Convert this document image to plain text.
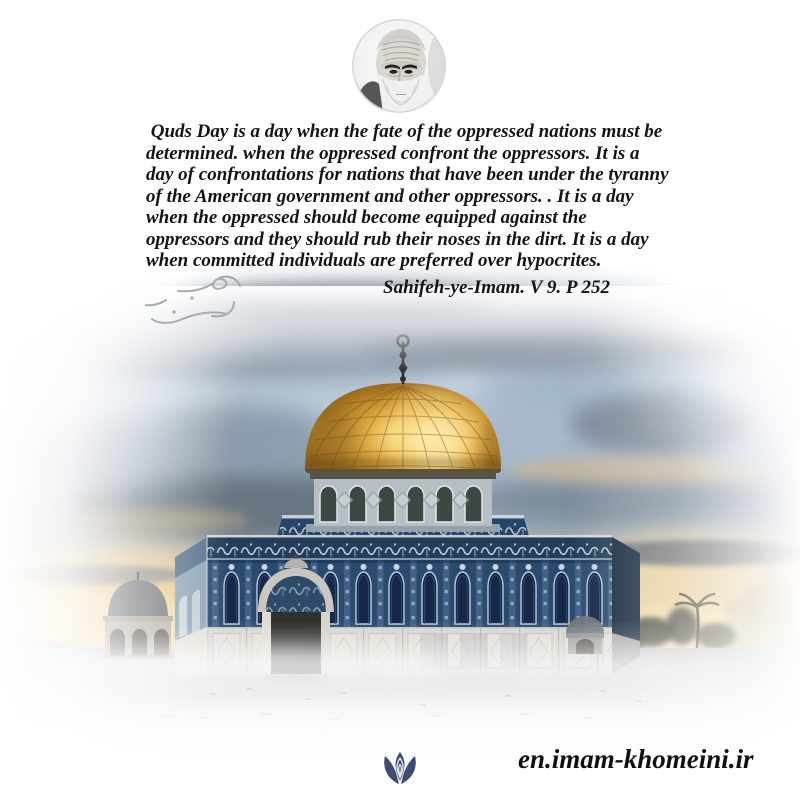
Quds Day is a day when the fate of the oppressed nations must be
determined. when the oppressed confront the oppressors. It is a
day of confrontations for nations that have been under the tyranny
of the American government and other oppressors. . It is a day
when the oppressed should become equipped against the
oppressors and they should rub their noses in the dirt. It is a day
when committed individuals are preferred over hypocrites.
Sahifeh-ye-Imam. V 9. P 252
en.imam-khomeini.ir
